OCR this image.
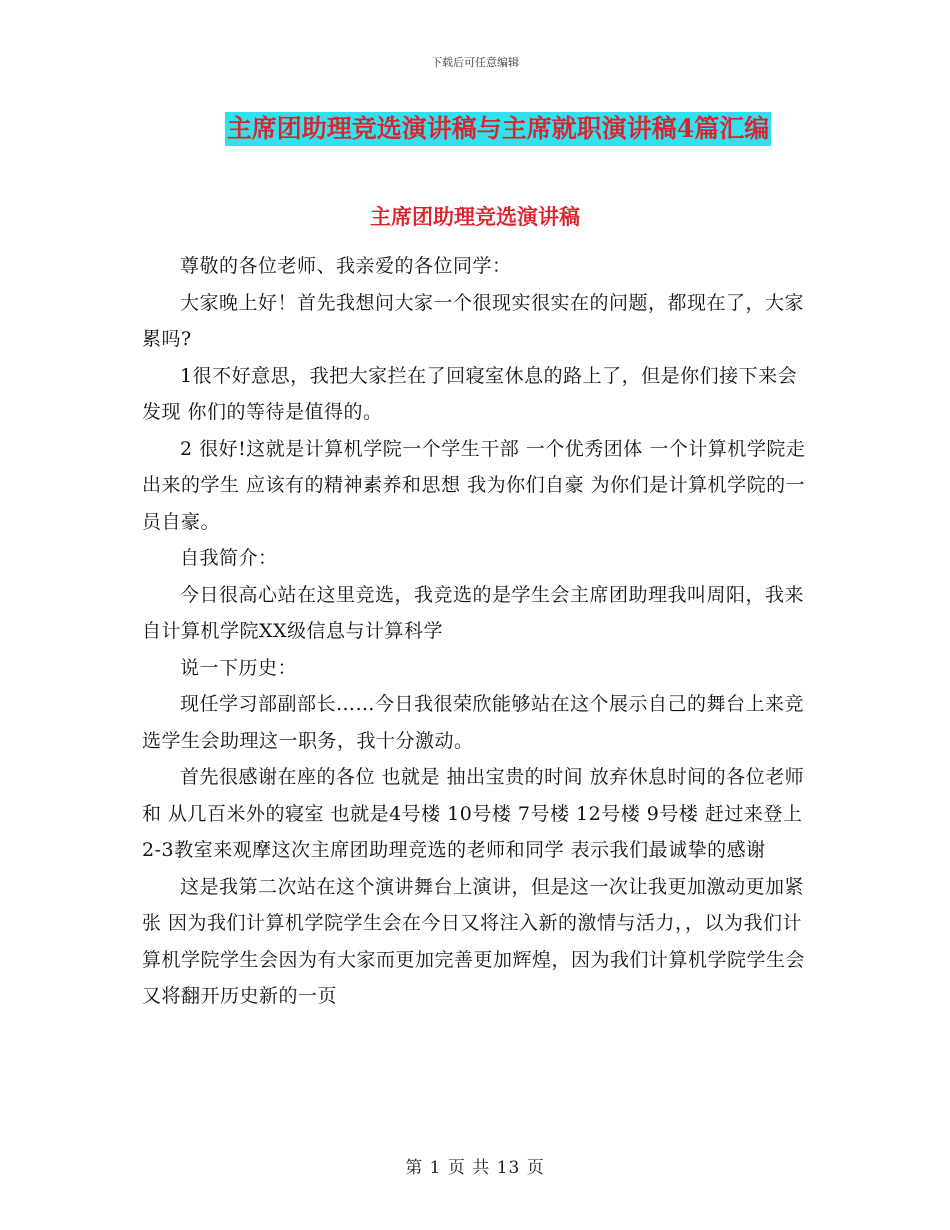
下载后可任意编辑
主席团助理竞选演讲稿与主席就职演讲稿4篇汇编
主席团助理竞选演讲稿

尊敬的各位老师、我亲爱的各位同学：

大家晚上好！首先我想问大家一个很现实很实在的问题，都现在了，大家累吗?

1很不好意思，我把大家拦在了回寝室休息的路上了，但是你们接下来会发现 你们的等待是值得的。

2 很好!这就是计算机学院一个学生干部 一个优秀团体 一个计算机学院走出来的学生 应该有的精神素养和思想 我为你们自豪 为你们是计算机学院的一员自豪。

自我简介：

今日很高心站在这里竞选，我竞选的是学生会主席团助理我叫周阳，我来自计算机学院XX级信息与计算科学

说一下历史：

现任学习部副部长……今日我很荣欣能够站在这个展示自己的舞台上来竞选学生会助理这一职务，我十分激动。

首先很感谢在座的各位 也就是 抽出宝贵的时间 放弃休息时间的各位老师 和 从几百米外的寝室 也就是4号楼 10号楼 7号楼 12号楼 9号楼 赶过来登上2-3教室来观摩这次主席团助理竞选的老师和同学 表示我们最诚挚的感谢

这是我第二次站在这个演讲舞台上演讲，但是这一次让我更加激动更加紧张 因为我们计算机学院学生会在今日又将注入新的激情与活力，，以为我们计算机学院学生会因为有大家而更加完善更加辉煌，因为我们计算机学院学生会又将翻开历史新的一页

第 1 页 共 13 页
